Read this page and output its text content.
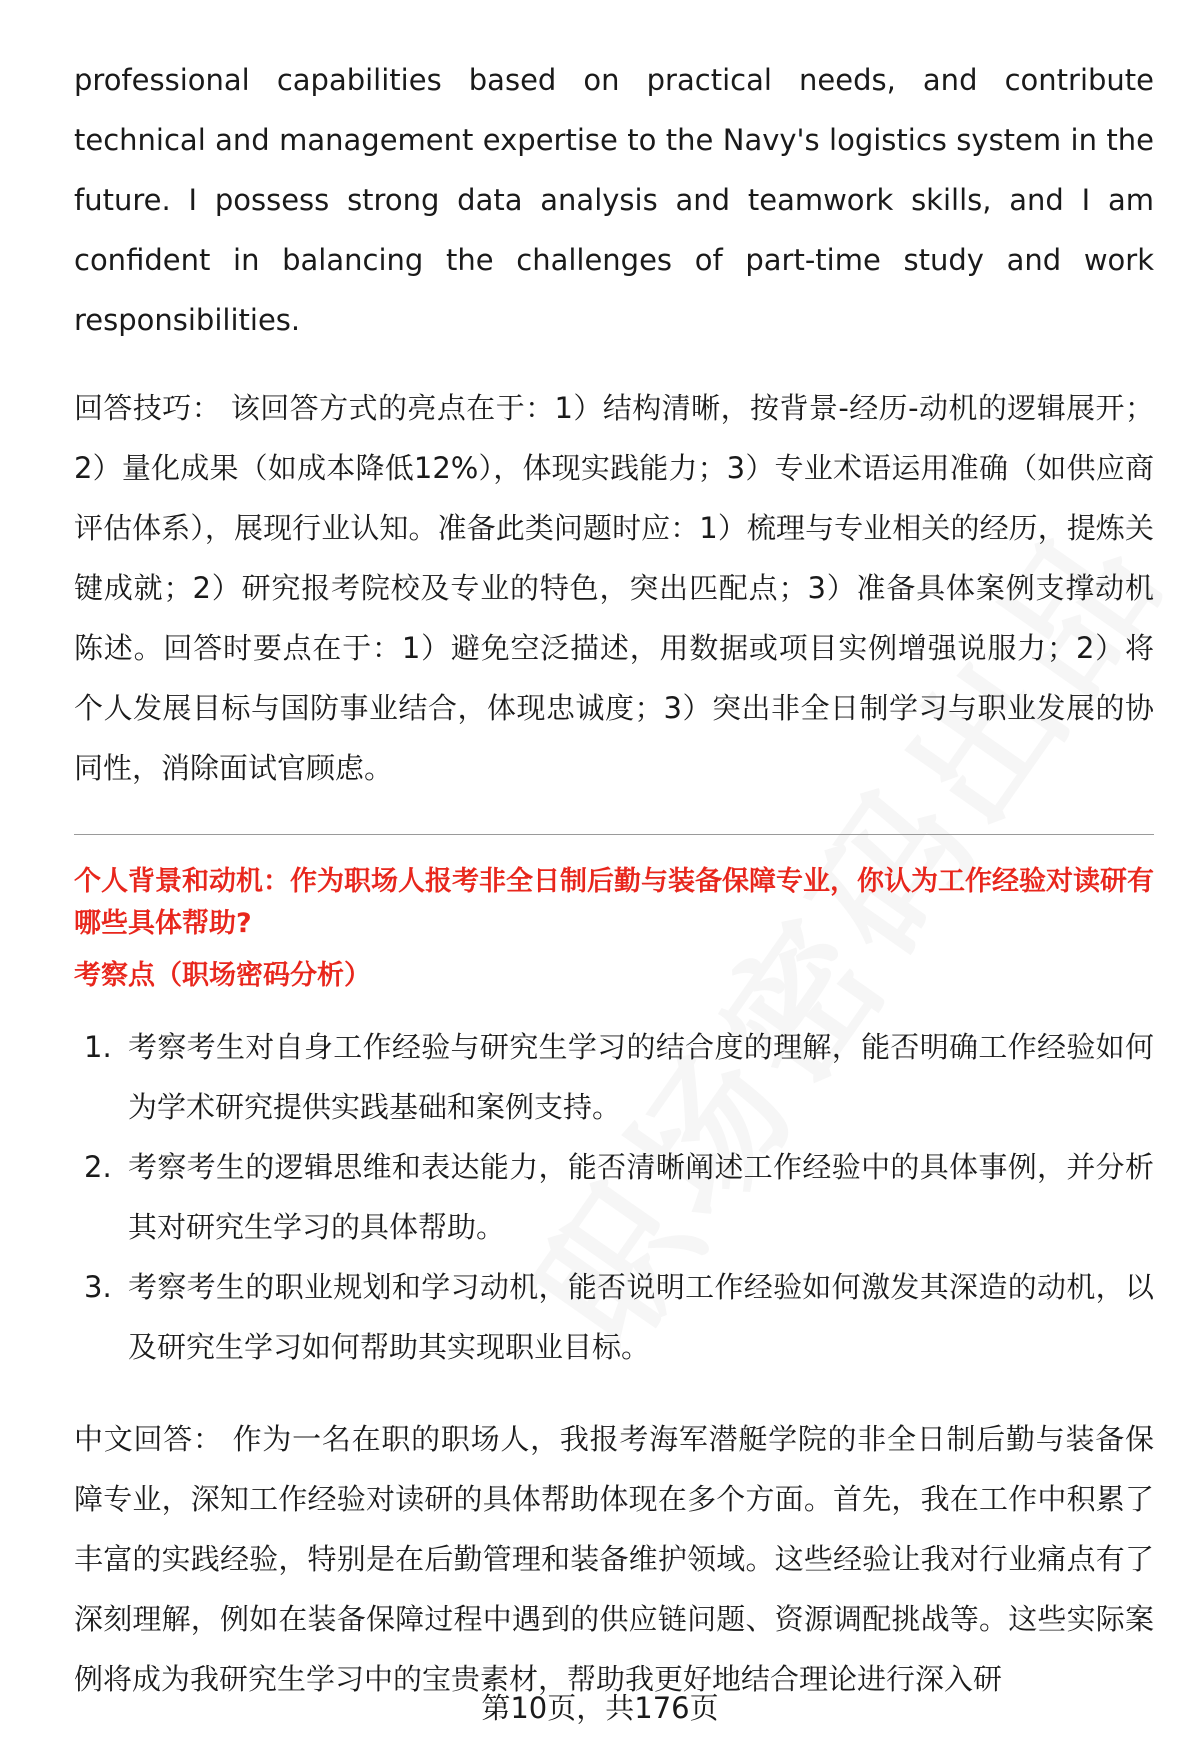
professional capabilities based on practical needs, and contribute technical and management expertise to the Navy's logistics system in the future. I possess strong data analysis and teamwork skills, and I am confident in balancing the challenges of part-time study and work responsibilities.

回答技巧： 该回答方式的亮点在于：1）结构清晰，按背景-经历-动机的逻辑展开；2）量化成果（如成本降低12%），体现实践能力；3）专业术语运用准确（如供应商评估体系），展现行业认知。准备此类问题时应：1）梳理与专业相关的经历，提炼关键成就；2）研究报考院校及专业的特色，突出匹配点；3）准备具体案例支撑动机陈述。回答时要点在于：1）避免空泛描述，用数据或项目实例增强说服力；2）将个人发展目标与国防事业结合，体现忠诚度；3）突出非全日制学习与职业发展的协同性，消除面试官顾虑。

个人背景和动机：作为职场人报考非全日制后勤与装备保障专业，你认为工作经验对读研有哪些具体帮助?

考察点（职场密码分析）

1. 考察考生对自身工作经验与研究生学习的结合度的理解，能否明确工作经验如何为学术研究提供实践基础和案例支持。
2. 考察考生的逻辑思维和表达能力，能否清晰阐述工作经验中的具体事例，并分析其对研究生学习的具体帮助。
3. 考察考生的职业规划和学习动机，能否说明工作经验如何激发其深造的动机，以及研究生学习如何帮助其实现职业目标。

中文回答： 作为一名在职的职场人，我报考海军潜艇学院的非全日制后勤与装备保障专业，深知工作经验对读研的具体帮助体现在多个方面。首先，我在工作中积累了丰富的实践经验，特别是在后勤管理和装备维护领域。这些经验让我对行业痛点有了深刻理解，例如在装备保障过程中遇到的供应链问题、资源调配挑战等。这些实际案例将成为我研究生学习中的宝贵素材，帮助我更好地结合理论进行深入研

第10页，共176页
